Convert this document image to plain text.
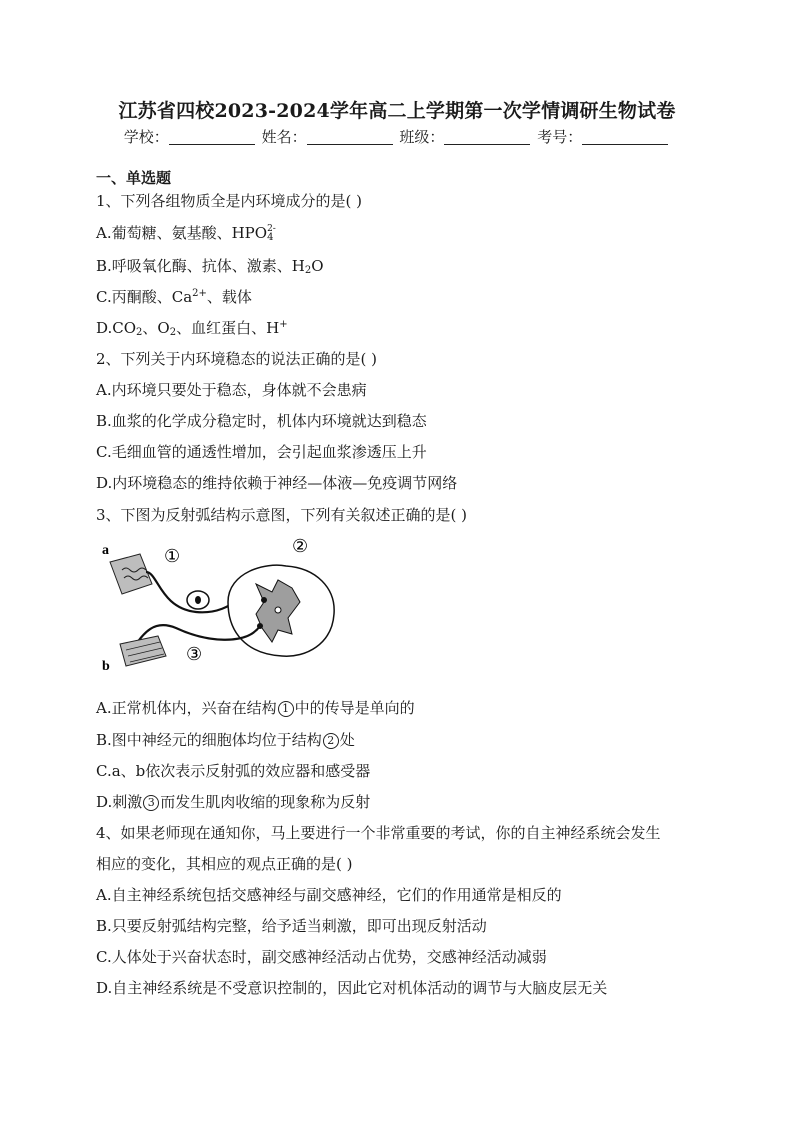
江苏省四校2023-2024学年高二上学期第一次学情调研生物试卷
学校：	姓名：	班级：	考号：
一、单选题
1、下列各组物质全是内环境成分的是( )
A.葡萄糖、氨基酸、HPO $_{2- 4}$
B.呼吸氧化酶、抗体、激素、$H_2O$
C.丙酮酸、$Ca^{2+}$、载体
$D.CO_2$、$O_2$、血红蛋白、H+
2、下列关于内环境稳态的说法正确的是( )
A.内环境只要处于稳态，身体就不会患病
B.血浆的化学成分稳定时，机体内环境就达到稳态
C.毛细血管的通透性增加，会引起血浆渗透压上升
D.内环境稳态的维持依赖于神经—体液—免疫调节网络
3、下图为反射弧结构示意图，下列有关叙述正确的是( )
a
b
①	②
③
A.正常机体内，兴奋在结构 1 中的传导是单向的
B.图中神经元的细胞体均位于结构 2 处
C.a、b依次表示反射弧的效应器和感受器
D.刺激 3 而发生肌肉收缩的现象称为反射
4、如果老师现在通知你，马上要进行一个非常重要的考试，你的自主神经系统会发生
相应的变化，其相应的观点正确的是( )
A.自主神经系统包括交感神经与副交感神经，它们的作用通常是相反的
B.只要反射弧结构完整，给予适当刺激，即可出现反射活动
C.人体处于兴奋状态时，副交感神经活动占优势，交感神经活动减弱
D.自主神经系统是不受意识控制的，因此它对机体活动的调节与大脑皮层无关
